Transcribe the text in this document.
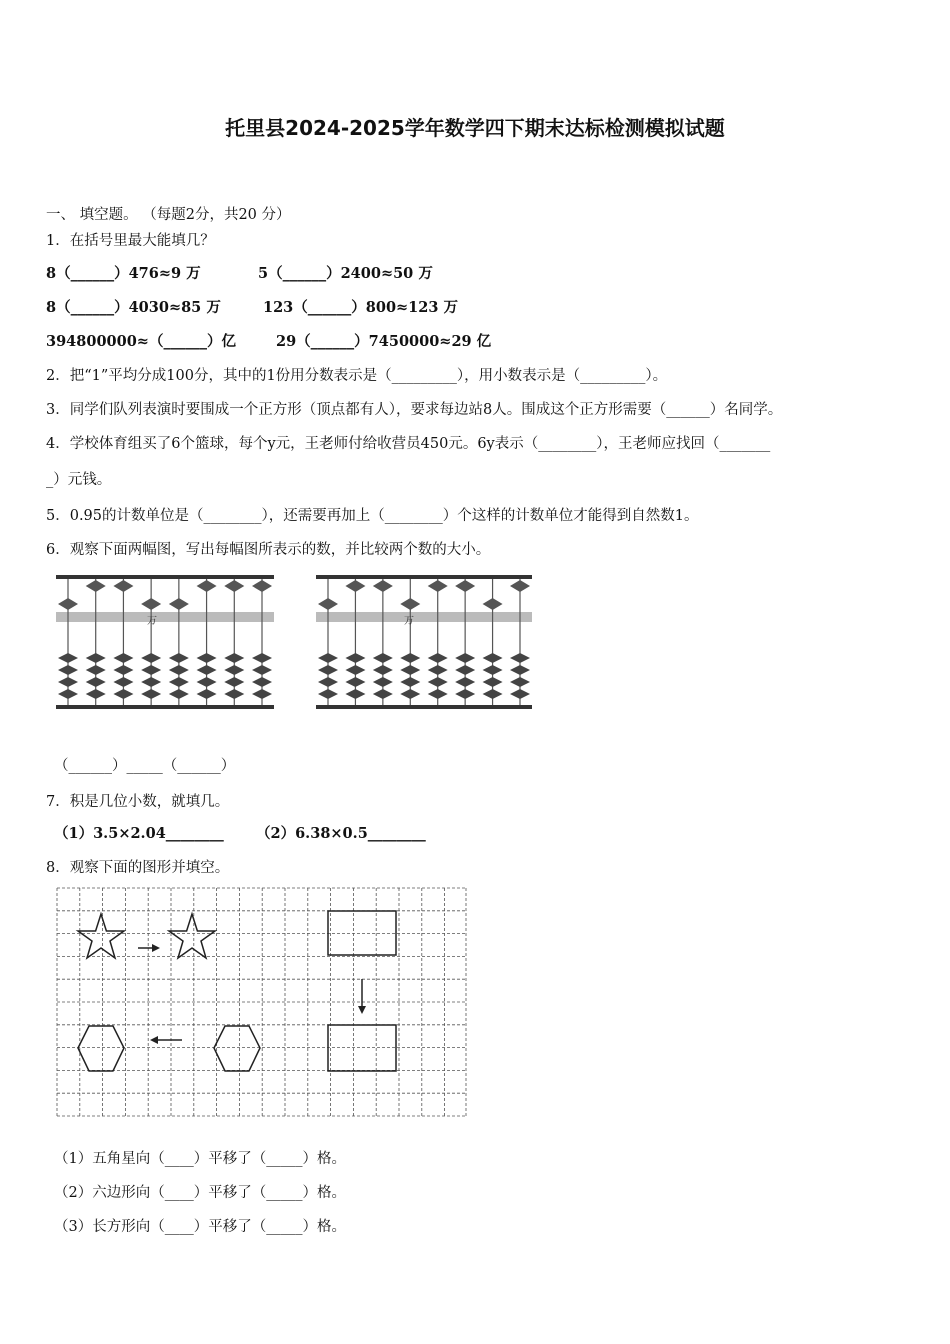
托里县2024-2025学年数学四下期末达标检测模拟试题
一、 填空题。 （每题2分，共20 分）
1．在括号里最大能填几？
8（______）476≈9 万	5（______）2400≈50 万
8（______）4030≈85 万	123（______）800≈123 万
394800000≈（______）亿	29（______）7450000≈29 亿
2．把“1”平均分成100分，其中的1份用分数表示是（_________），用小数表示是（_________）。
3．同学们队列表演时要围成一个正方形（顶点都有人），要求每边站8人。围成这个正方形需要（______）名同学。
4．学校体育组买了6个篮球，每个y元，王老师付给收营员450元。6y表示（________），王老师应找回（_______
_）元钱。
5．0.95的计数单位是（________），还需要再加上（________）个这样的计数单位才能得到自然数1。
6．观察下面两幅图，写出每幅图所表示的数，并比较两个数的大小。
万	万
（______）_____（______）
7．积是几位小数，就填几。
（1）3.5×2.04________ （2）6.38×0.5________
8．观察下面的图形并填空。
（1）五角星向（____）平移了（_____）格。
（2）六边形向（____）平移了（_____）格。
（3）长方形向（____）平移了（_____）格。
